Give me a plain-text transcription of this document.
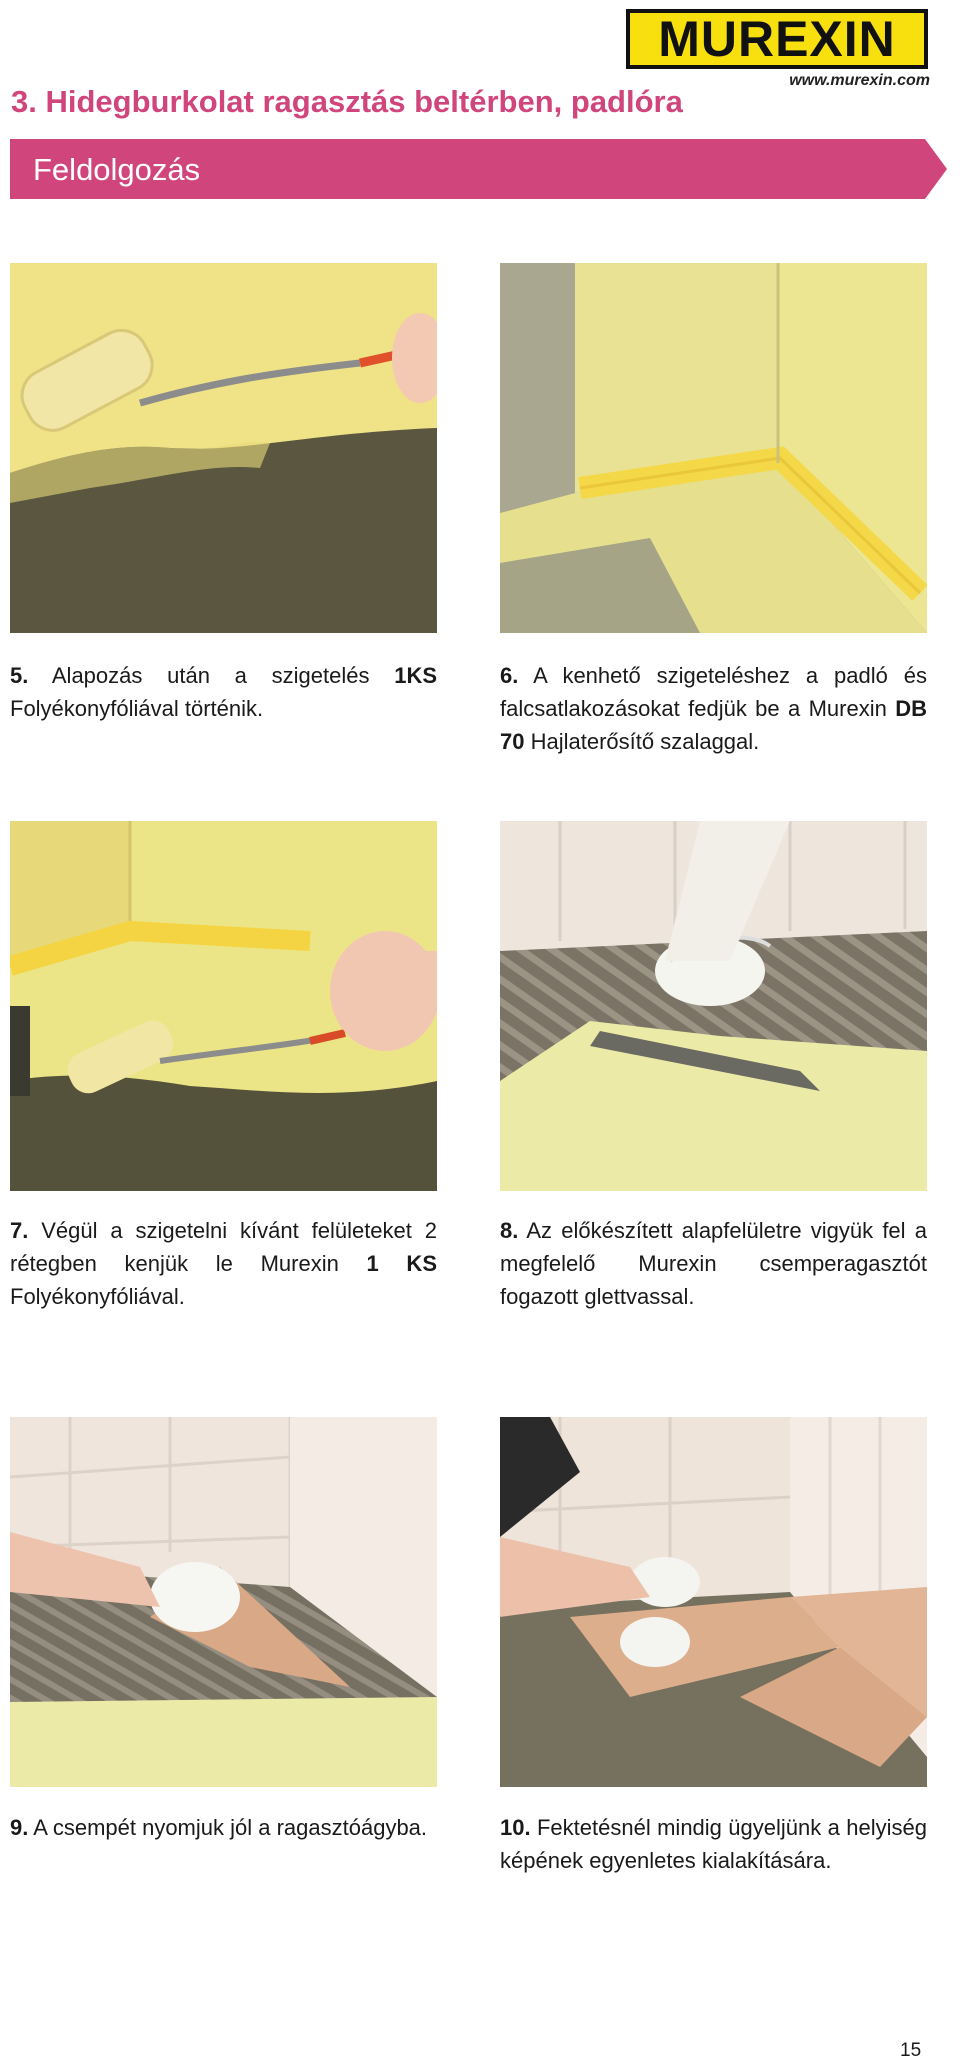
3. Hidegburkolat ragasztás beltérben, padlóra
MUREXIN
www.murexin.com
Feldolgozás

5. Alapozás után a szigetelés 1KS Folyékonyfóliával történik.

6. A kenhető szigeteléshez a padló és falcsatlakozásokat fedjük be a Murexin DB 70 Hajlaterősítő szalaggal.

7. Végül a szigetelni kívánt felületeket 2 rétegben kenjük le Murexin 1 KS Folyékonyfóliával.

8. Az előkészített alapfelületre vigyük fel a megfelelő Murexin csemperagasztót fogazott glettvassal.

9. A csempét nyomjuk jól a ragasztóágyba.	10. Fektetésnél mindig ügyeljünk a helyiség képének egyenletes kialakítására.

15
